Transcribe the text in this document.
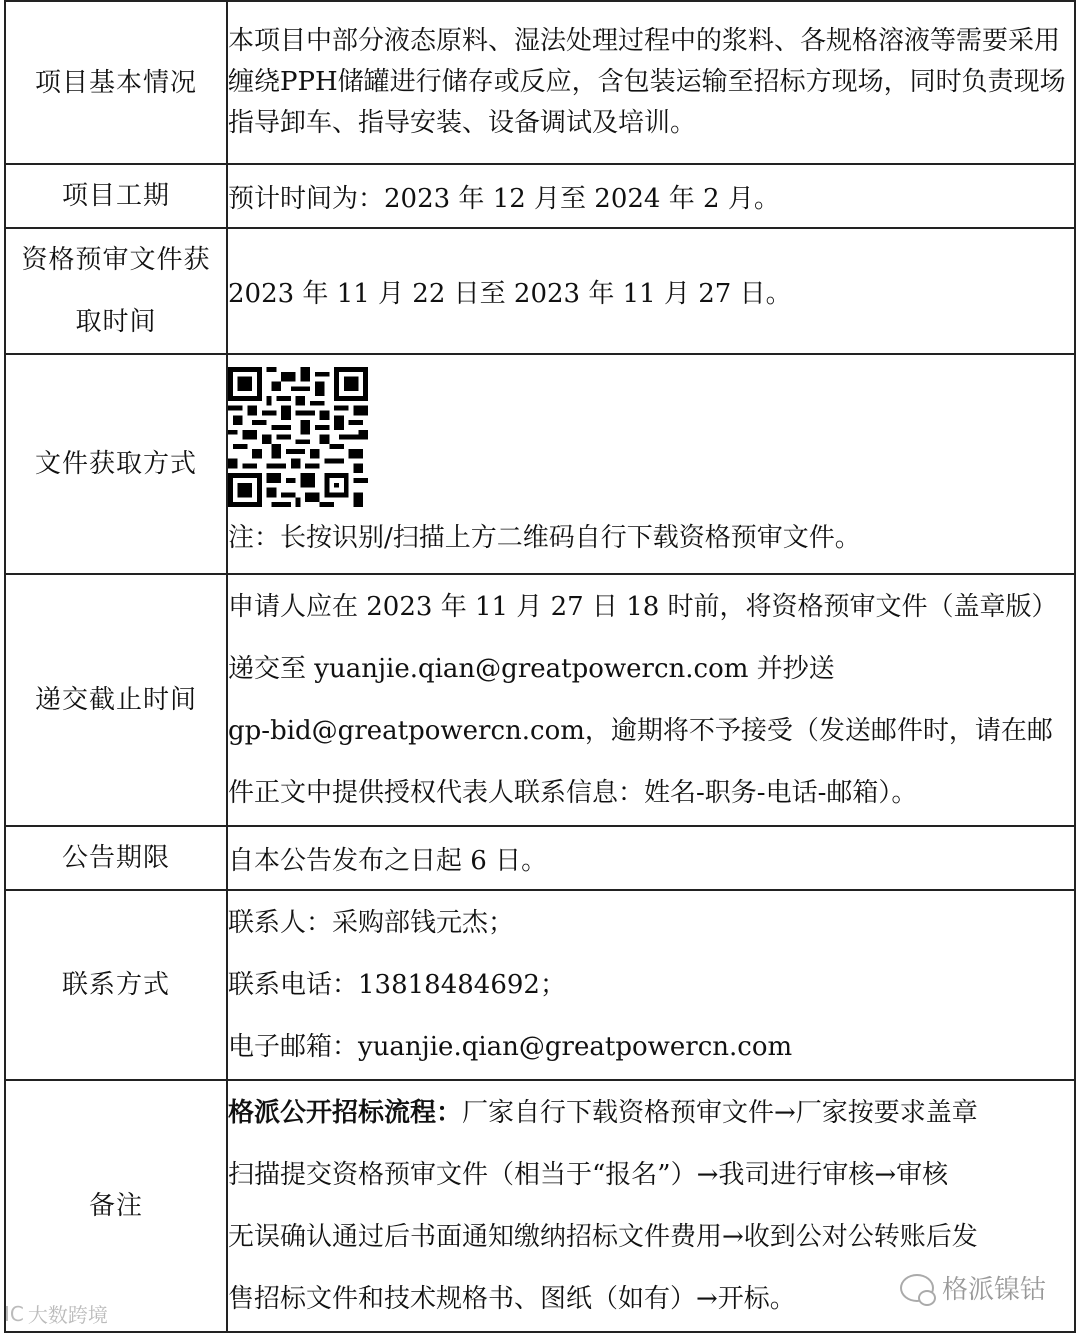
项目基本情况	本项目中部分液态原料、湿法处理过程中的浆料、各规格溶液等需要采用缠绕PPH储罐进行储存或反应，含包装运输至招标方现场，同时负责现场指导卸车、指导安装、设备调试及培训。
项目工期	预计时间为：2023 年 12 月至 2024 年 2 月。

资格预审文件获
取时间	2023 年 11 月 22 日至 2023 年 11 月 27 日。
文件获取方式	注：长按识别/扫描上方二维码自行下载资格预审文件。

递交截止时间	申请人应在 2023 年 11 月 27 日 18 时前，将资格预审文件（盖章版）
递交至 yuanjie.qian@greatpowercn.com 并抄送
gp-bid@greatpowercn.com，逾期将不予接受（发送邮件时，请在邮
件正文中提供授权代表人联系信息：姓名-职务-电话-邮箱）。

公告期限	自本公告发布之日起 6 日。
联系方式	联系人：采购部钱元杰；
联系电话：13818484692；
电子邮箱：yuanjie.qian@greatpowercn.com

备注	格派公开招标流程：厂家自行下载资格预审文件→厂家按要求盖章
扫描提交资格预审文件（相当于“报名”）→我司进行审核→审核
无误确认通过后书面通知缴纳招标文件费用→收到公对公转账后发
售招标文件和技术规格书、图纸（如有）→开标。
IC 大数跨境
格派镍钴
